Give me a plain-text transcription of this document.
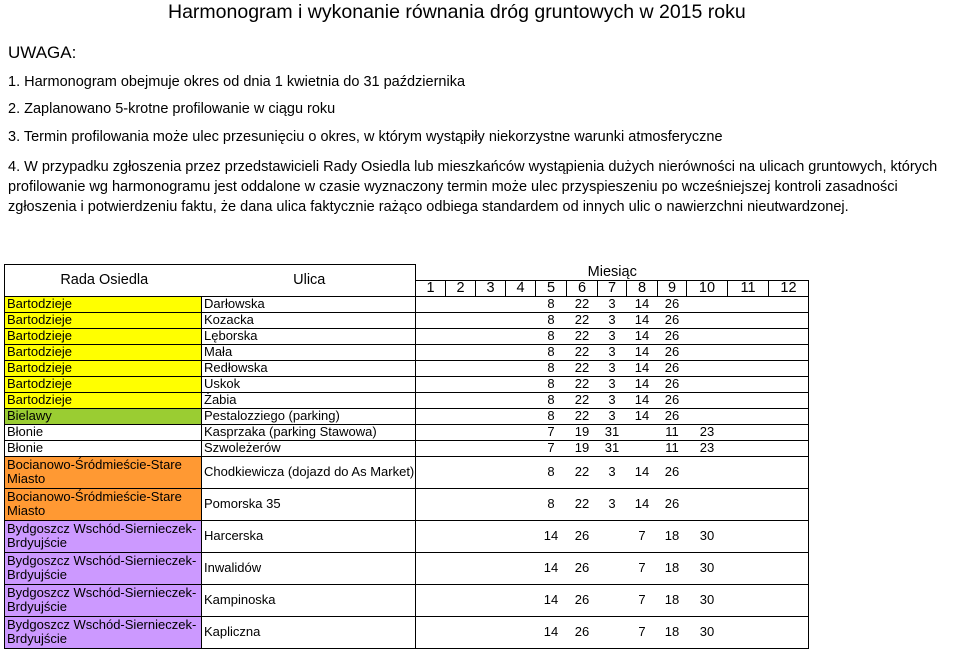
Harmonogram i wykonanie równania dróg gruntowych w 2015 roku
UWAGA:
1. Harmonogram obejmuje okres od dnia 1 kwietnia do 31 października
2. Zaplanowano 5-krotne profilowanie w ciągu roku
3. Termin profilowania może ulec przesunięciu o okres, w którym wystąpiły niekorzystne warunki atmosferyczne
4. W przypadku zgłoszenia przez przedstawicieli Rady Osiedla lub mieszkańców wystąpienia dużych nierówności na ulicach gruntowych, których profilowanie wg harmonogramu jest oddalone w czasie wyznaczony termin może ulec przyspieszeniu po wcześniejszej kontroli zasadności zgłoszenia i potwierdzeniu faktu, że dana ulica faktycznie rażąco odbiega standardem od innych ulic o nawierzchni nieutwardzonej.
Rada Osiedla	Ulica	Miesiąc											
		1	2	3	4	5	6	7	8	9	10	11	12
Bartodzieje	Darłowska					8	22	3	14	26			
Bartodzieje	Kozacka					8	22	3	14	26			
Bartodzieje	Lęborska					8	22	3	14	26			
Bartodzieje	Mała					8	22	3	14	26			
Bartodzieje	Redłowska					8	22	3	14	26			
Bartodzieje	Uskok					8	22	3	14	26			
Bartodzieje	Żabia					8	22	3	14	26			
Bielawy	Pestalozziego (parking)					8	22	3	14	26			
Błonie	Kasprzaka (parking Stawowa)					7	19	31		11	23		
Błonie	Szwoleżerów					7	19	31		11	23		
Bocianowo-Śródmieście-Stare Miasto	Chodkiewicza (dojazd do As Market)					8	22	3	14	26			
Bocianowo-Śródmieście-Stare Miasto	Pomorska 35					8	22	3	14	26			
Bydgoszcz Wschód-Siernieczek-Brdyujście	Harcerska					14	26		7	18	30		
Bydgoszcz Wschód-Siernieczek-Brdyujście	Inwalidów					14	26		7	18	30		
Bydgoszcz Wschód-Siernieczek-Brdyujście	Kampinoska					14	26		7	18	30		
Bydgoszcz Wschód-Siernieczek-Brdyujście	Kapliczna					14	26		7	18	30		
